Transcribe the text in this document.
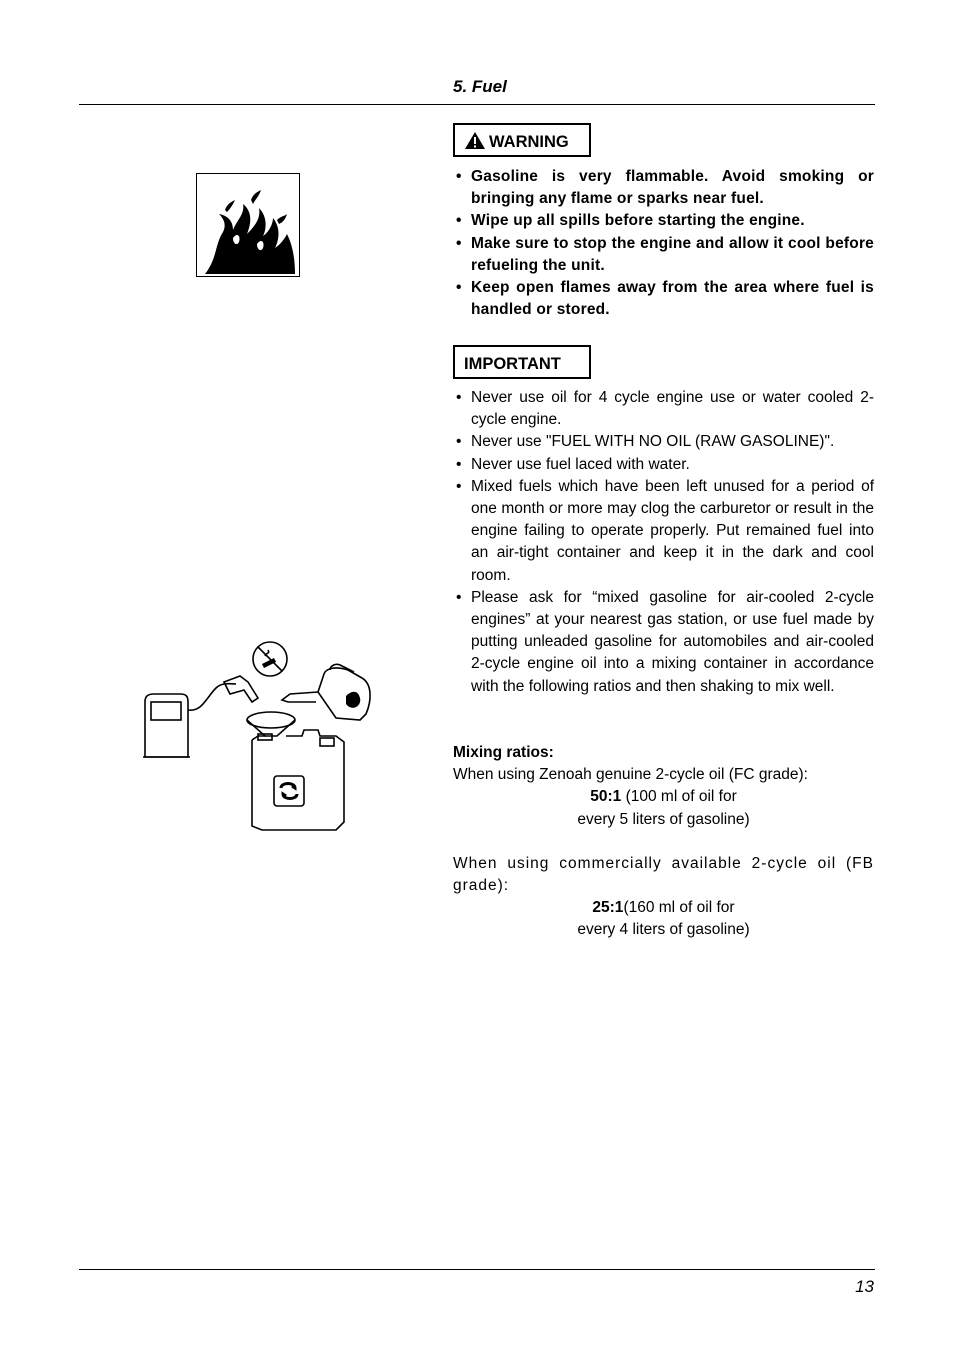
5. Fuel
WARNING
• Gasoline is very flammable. Avoid smoking or bringing any flame or sparks near fuel.
• Wipe up all spills before starting the engine.
• Make sure to stop the engine and allow it cool before refueling the unit.
• Keep open flames away from the area where fuel is handled or stored.
IMPORTANT
• Never use oil for 4 cycle engine use or water cooled 2-cycle engine.
• Never use "FUEL WITH NO OIL (RAW GASOLINE)".
• Never use fuel laced with water.
• Mixed fuels which have been left unused for a period of one month or more may clog the carburetor or result in the engine failing to operate properly. Put remained fuel into an air-tight container and keep it in the dark and cool room.
• Please ask for “mixed gasoline for air-cooled 2-cycle engines” at your nearest gas station, or use fuel made by putting unleaded gasoline for automobiles and air-cooled 2-cycle engine oil into a mixing container in accordance with the following ratios and then shaking to mix well.

Mixing ratios:

When using Zenoah genuine 2-cycle oil (FC grade):

50:1 (100 ml of oil for

every 5 liters of gasoline)

When using commercially available 2-cycle oil (FB grade):

25:1(160 ml of oil for

every 4 liters of gasoline)

13
